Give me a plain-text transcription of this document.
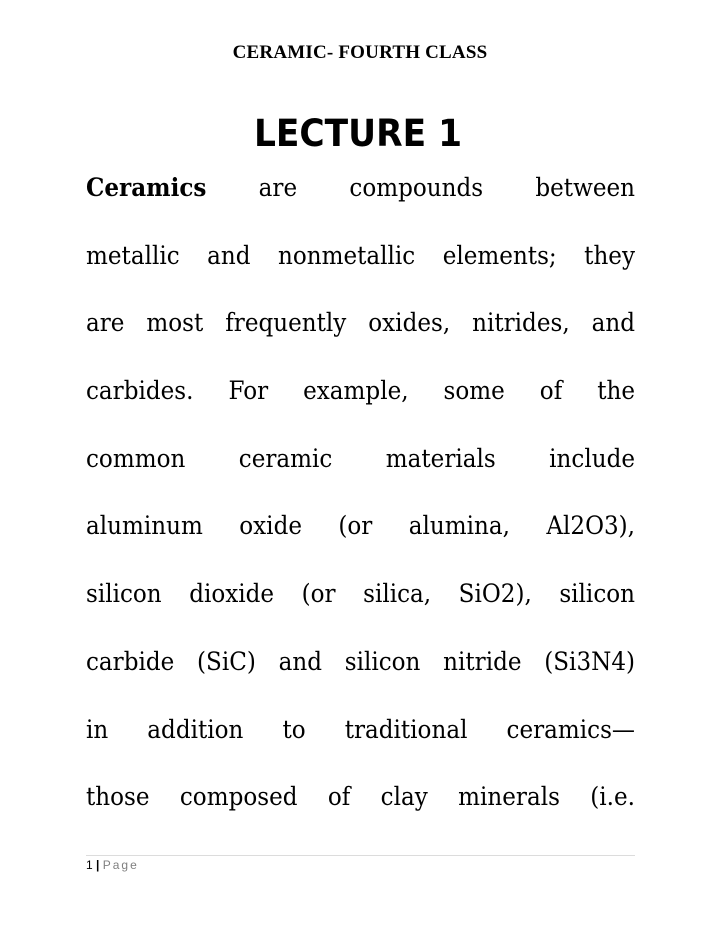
CERAMIC- FOURTH CLASS
LECTURE 1
Ceramics are compounds between
metallic and nonmetallic elements; they
are most frequently oxides, nitrides, and
carbides. For example, some of the
common ceramic materials include
aluminum oxide (or alumina, Al2O3),
silicon dioxide (or silica, SiO2), silicon
carbide (SiC) and silicon nitride (Si3N4)
in addition to traditional ceramics—
those composed of clay minerals (i.e.
1 | Page
